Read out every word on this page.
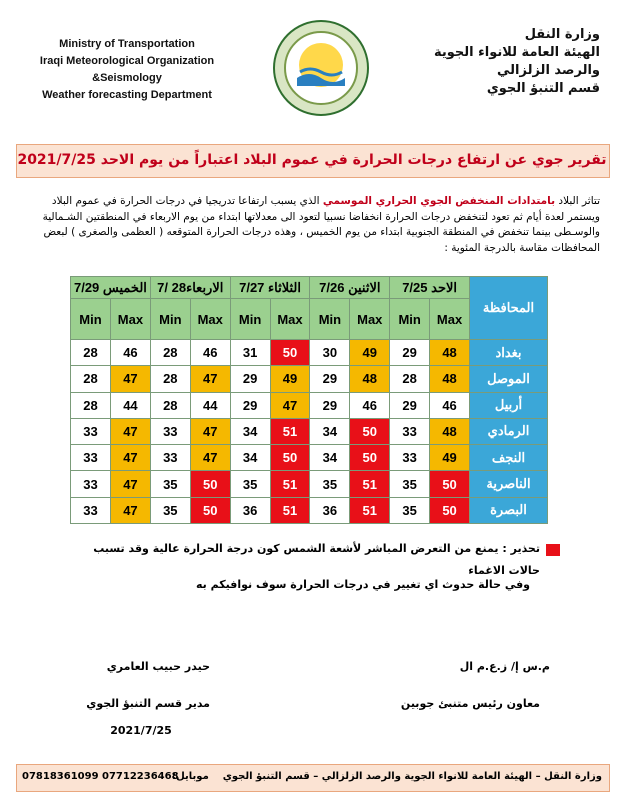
Ministry of Transportation
Iraqi Meteorological Organization &Seismology
Weather forecasting Department
وزارة النقل
الهيئة العامة للانواء الجوية والرصد الزلزالي
قسم التنبؤ الجوي
تقرير جوي عن ارتفاع درجات الحرارة في عموم البلاد اعتباراً من يوم الاحد 2021/7/25

تتاثر البلاد بامتدادات المنخفض الجوي الحراري الموسمي الذي يسبب ارتفاعا تدريجيا في درجات الحرارة في عموم البلاد ويستمر لعدة أيام ثم تعود لتنخفض درجات الحرارة انخفاضا نسبيا لتعود الى معدلاتها ابتداء من يوم الاربعاء في المنطقتين الشـمالية والوسـطى بينما تنخفض في المنطقة الجنوبية ابتداء من يوم الخميس ، وهذه درجات الحرارة المتوقعه ( العظمى والصغرى ) لبعض المحافظات مقاسة بالدرجة المئوية :

المحافظة	الاحد 7/25		الاثنين 7/26		الثلاثاء 7/27		الاربعاء28 /7		الخميس 7/29	
	Max	Min	Max	Min	Max	Min	Max	Min	Max	Min
بغداد	48	29	49	30	50	31	46	28	46	28
الموصل	48	28	48	29	49	29	47	28	47	28
أربيل	46	29	46	29	47	29	44	28	44	28
الرمادي	48	33	50	34	51	34	47	33	47	33
النجف	49	33	50	34	50	34	47	33	47	33
الناصرية	50	35	51	35	51	35	50	35	47	33
البصرة	50	35	51	36	51	36	50	35	47	33
تحذير : يمنع من التعرض المباشر لأشعة الشمس كون درجة الحرارة عالية وقد تسبب حالات الاغماء
وفي حالة حدوث اي تغيير في درجات الحرارة سوف نوافيكم به
م.س إ/ ز.ع.م ال
معاون رئيس متنبئ جوبين
حيدر حبيب العامري
مدير قسم التنبؤ الجوي
2021/7/25
07818361099 07712236468	وزارة النقل – الهيئة العامة للانواء الجوية والرصد الزلزالي – قسم التنبؤ الجوي    موبايل:
